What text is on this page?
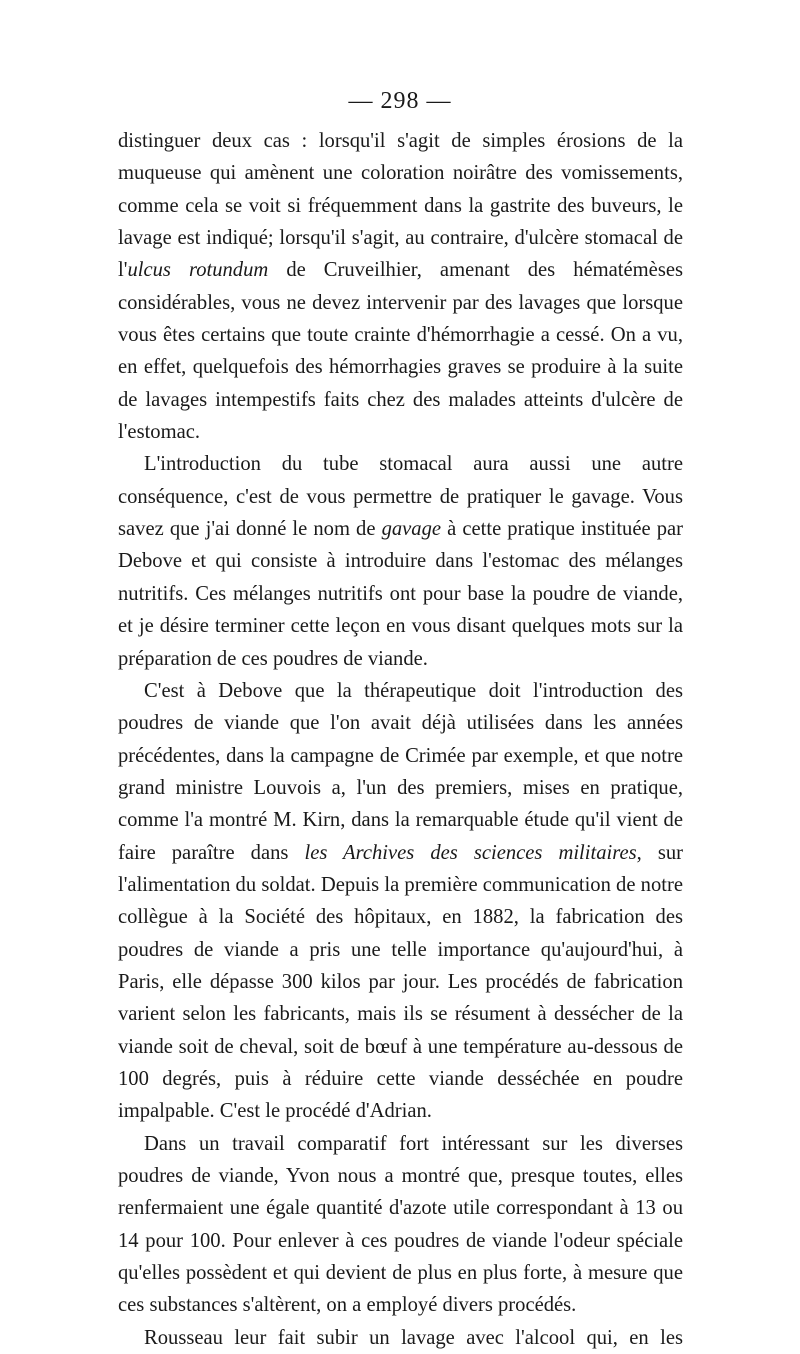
— 298 —

distinguer deux cas : lorsqu'il s'agit de simples érosions de la muqueuse qui amènent une coloration noirâtre des vomissements, comme cela se voit si fréquemment dans la gastrite des buveurs, le lavage est indiqué; lorsqu'il s'agit, au contraire, d'ulcère stomacal de l'ulcus rotundum de Cruveilhier, amenant des hématémèses considérables, vous ne devez intervenir par des lavages que lorsque vous êtes certains que toute crainte d'hémorrhagie a cessé. On a vu, en effet, quelquefois des hémorrhagies graves se produire à la suite de lavages intempestifs faits chez des malades atteints d'ulcère de l'estomac.

L'introduction du tube stomacal aura aussi une autre conséquence, c'est de vous permettre de pratiquer le gavage. Vous savez que j'ai donné le nom de gavage à cette pratique instituée par Debove et qui consiste à introduire dans l'estomac des mélanges nutritifs. Ces mélanges nutritifs ont pour base la poudre de viande, et je désire terminer cette leçon en vous disant quelques mots sur la préparation de ces poudres de viande.

C'est à Debove que la thérapeutique doit l'introduction des poudres de viande que l'on avait déjà utilisées dans les années précédentes, dans la campagne de Crimée par exemple, et que notre grand ministre Louvois a, l'un des premiers, mises en pratique, comme l'a montré M. Kirn, dans la remarquable étude qu'il vient de faire paraître dans les Archives des sciences militaires, sur l'alimentation du soldat. Depuis la première communication de notre collègue à la Société des hôpitaux, en 1882, la fabrication des poudres de viande a pris une telle importance qu'aujourd'hui, à Paris, elle dépasse 300 kilos par jour. Les procédés de fabrication varient selon les fabricants, mais ils se résument à dessécher de la viande soit de cheval, soit de bœuf à une température au-dessous de 100 degrés, puis à réduire cette viande desséchée en poudre impalpable. C'est le procédé d'Adrian.

Dans un travail comparatif fort intéressant sur les diverses poudres de viande, Yvon nous a montré que, presque toutes, elles renfermaient une égale quantité d'azote utile correspondant à 13 ou 14 pour 100. Pour enlever à ces poudres de viande l'odeur spéciale qu'elles possèdent et qui devient de plus en plus forte, à mesure que ces substances s'altèrent, on a employé divers procédés.

Rousseau leur fait subir un lavage avec l'alcool qui, en les
